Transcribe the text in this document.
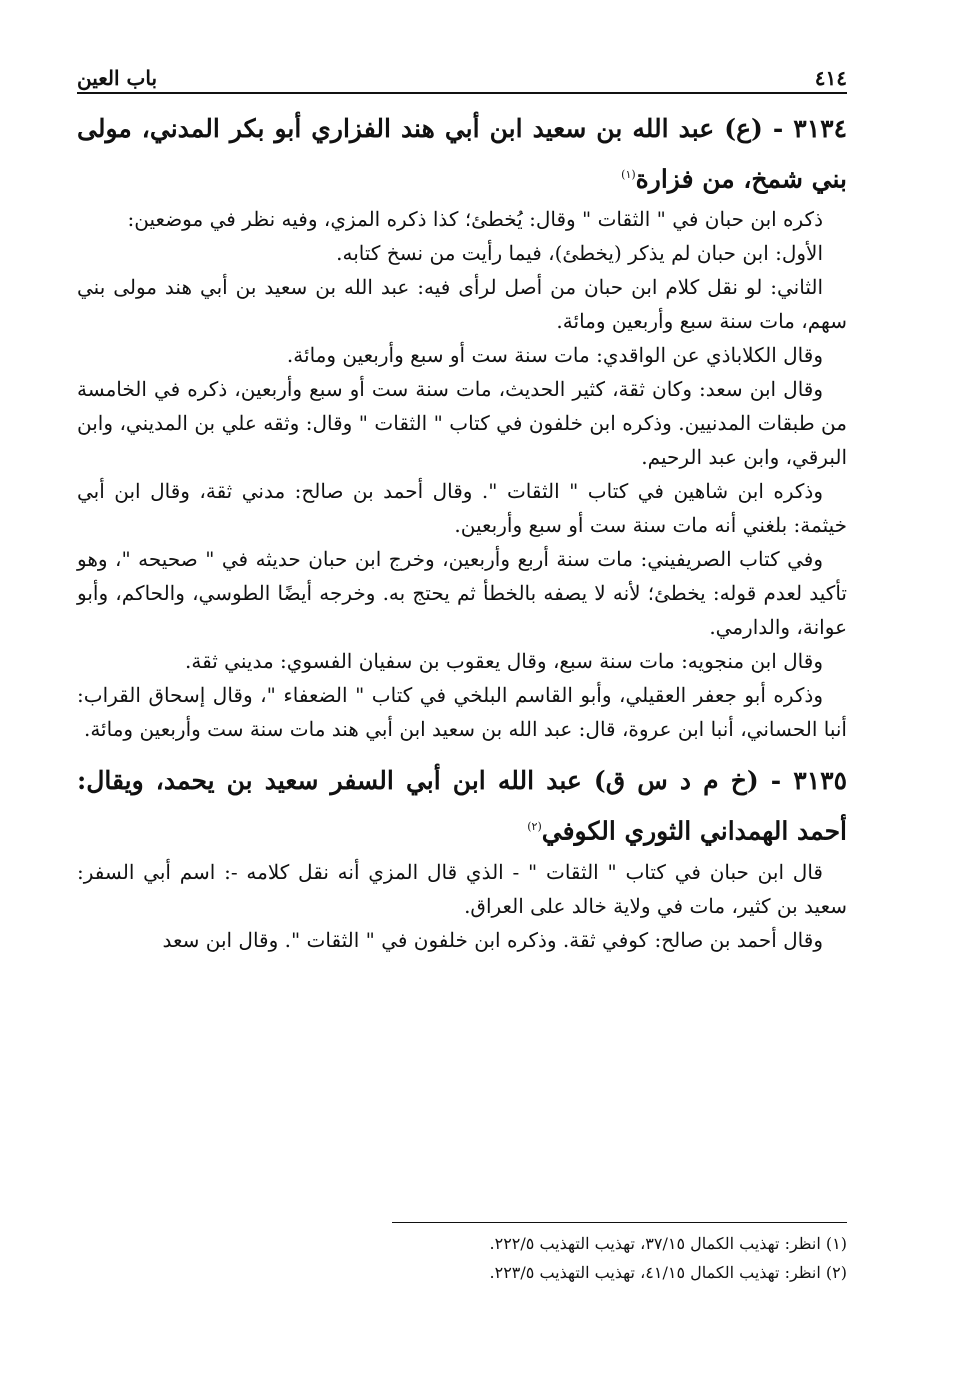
٤١٤
باب العين
٣١٣٤ - (ع) عبد الله بن سعيد ابن أبي هند الفزاري أبو بكر المدني، مولى بني شمخ، من فزارة$^{(١)}$

ذكره ابن حبان في " الثقات " وقال: يُخطئ؛ كذا ذكره المزي، وفيه نظر في موضعين:

الأول: ابن حبان لم يذكر (يخطئ)، فيما رأيت من نسخ كتابه.

الثاني: لو نقل كلام ابن حبان من أصل لرأى فيه: عبد الله بن سعيد بن أبي هند مولى بني سهم، مات سنة سبع وأربعين ومائة.

وقال الكلاباذي عن الواقدي: مات سنة ست أو سبع وأربعين ومائة.

وقال ابن سعد: وكان ثقة، كثير الحديث، مات سنة ست أو سبع وأربعين، ذكره في الخامسة من طبقات المدنيين. وذكره ابن خلفون في كتاب " الثقات " وقال: وثقه علي بن المديني، وابن البرقي، وابن عبد الرحيم.

وذكره ابن شاهين في كتاب " الثقات ". وقال أحمد بن صالح: مدني ثقة، وقال ابن أبي خيثمة: بلغني أنه مات سنة ست أو سبع وأربعين.

وفي كتاب الصريفيني: مات سنة أربع وأربعين، وخرج ابن حبان حديثه في " صحيحه "، وهو تأكيد لعدم قوله: يخطئ؛ لأنه لا يصفه بالخطأ ثم يحتج به. وخرجه أيضًا الطوسي، والحاكم، وأبو عوانة، والدارمي.

وقال ابن منجويه: مات سنة سبع، وقال يعقوب بن سفيان الفسوي: مديني ثقة.

وذكره أبو جعفر العقيلي، وأبو القاسم البلخي في كتاب " الضعفاء "، وقال إسحاق القراب: أنبا الحساني، أنبا ابن عروة، قال: عبد الله بن سعيد ابن أبي هند مات سنة ست وأربعين ومائة.

٣١٣٥ - (خ م د س ق) عبد الله ابن أبي السفر سعيد بن يحمد، ويقال: أحمد الهمداني الثوري الكوفي$^{(٢)}$

قال ابن حبان في كتاب " الثقات " - الذي قال المزي أنه نقل كلامه -: اسم أبي السفر: سعيد بن كثير، مات في ولاية خالد على العراق.

وقال أحمد بن صالح: كوفي ثقة. وذكره ابن خلفون في " الثقات ". وقال ابن سعد

(١) انظر: تهذيب الكمال ٣٧/١٥، تهذيب التهذيب ٢٢٢/٥.
(٢) انظر: تهذيب الكمال ٤١/١٥، تهذيب التهذيب ٢٢٣/٥.
